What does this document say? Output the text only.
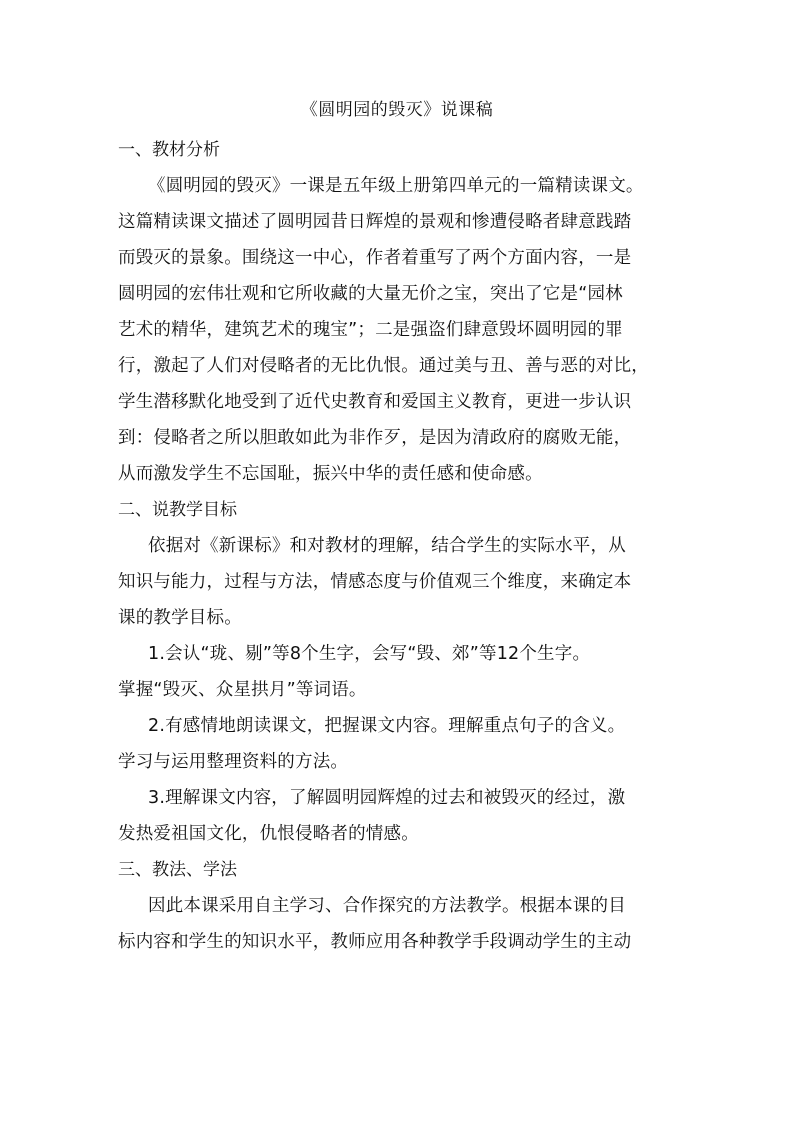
《圆明园的毁灭》说课稿
一、教材分析
《圆明园的毁灭》一课是五年级上册第四单元的一篇精读课文。
这篇精读课文描述了圆明园昔日辉煌的景观和惨遭侵略者肆意践踏
而毁灭的景象。围绕这一中心，作者着重写了两个方面内容，一是
圆明园的宏伟壮观和它所收藏的大量无价之宝，突出了它是“园林
艺术的精华，建筑艺术的瑰宝”；二是强盗们肆意毁坏圆明园的罪
行，激起了人们对侵略者的无比仇恨。通过美与丑、善与恶的对比，
学生潜移默化地受到了近代史教育和爱国主义教育，更进一步认识
到：侵略者之所以胆敢如此为非作歹，是因为清政府的腐败无能，
从而激发学生不忘国耻，振兴中华的责任感和使命感。
二、说教学目标
依据对《新课标》和对教材的理解，结合学生的实际水平，从
知识与能力，过程与方法，情感态度与价值观三个维度，来确定本
课的教学目标。
1.会认“珑、剔”等8个生字，会写“毁、郊”等12个生字。
掌握“毁灭、众星拱月”等词语。
2.有感情地朗读课文，把握课文内容。理解重点句子的含义。
学习与运用整理资料的方法。
3.理解课文内容，了解圆明园辉煌的过去和被毁灭的经过，激
发热爱祖国文化，仇恨侵略者的情感。
三、教法、学法
因此本课采用自主学习、合作探究的方法教学。根据本课的目
标内容和学生的知识水平，教师应用各种教学手段调动学生的主动
